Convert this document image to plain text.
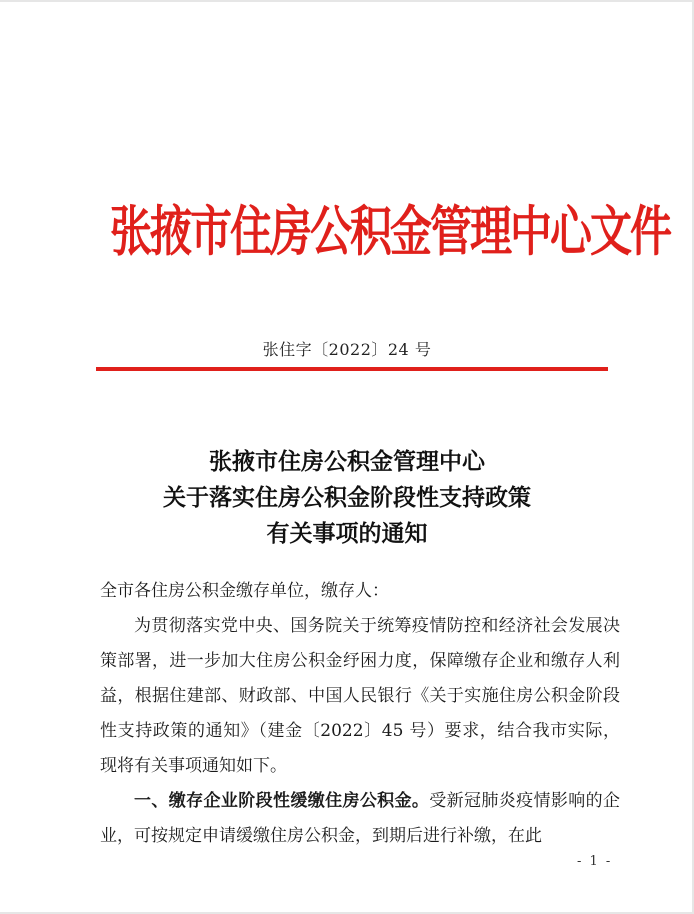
张掖市住房公积金管理中心文件
张住字〔2022〕24 号
张掖市住房公积金管理中心
关于落实住房公积金阶段性支持政策
有关事项的通知

全市各住房公积金缴存单位，缴存人：

为贯彻落实党中央、国务院关于统筹疫情防控和经济社会发展决策部署，进一步加大住房公积金纾困力度，保障缴存企业和缴存人利益，根据住建部、财政部、中国人民银行《关于实施住房公积金阶段性支持政策的通知》（建金〔2022〕45 号）要求，结合我市实际，现将有关事项通知如下。

一、缴存企业阶段性缓缴住房公积金。受新冠肺炎疫情影响的企业，可按规定申请缓缴住房公积金，到期后进行补缴，在此

- 1 -
